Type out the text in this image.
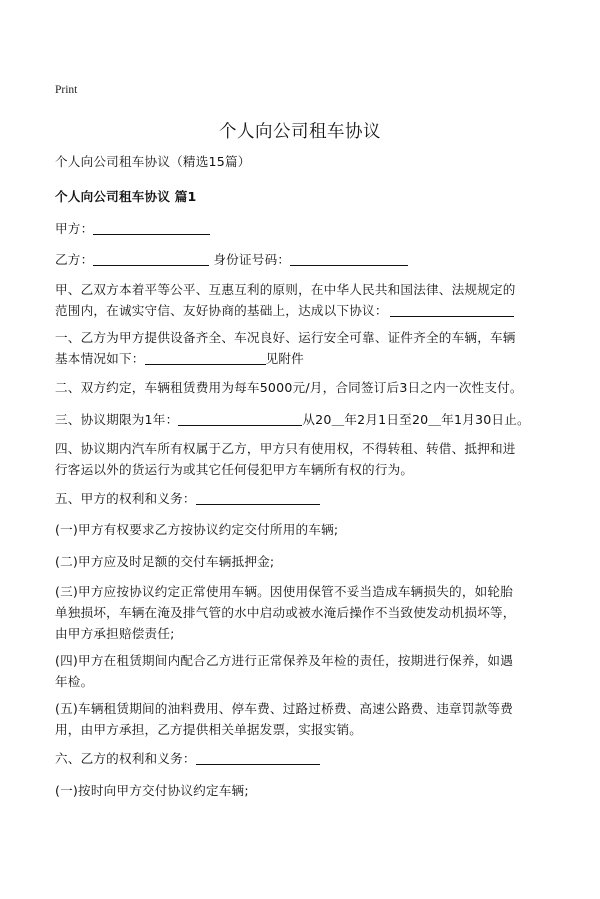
Print
个人向公司租车协议
个人向公司租车协议（精选15篇）
个人向公司租车协议 篇1
甲方：
乙方：	身份证号码：
甲、乙双方本着平等公平、互惠互利的原则，在中华人民共和国法律、法规规定的
范围内，在诚实守信、友好协商的基础上，达成以下协议：
一、乙方为甲方提供设备齐全、车况良好、运行安全可靠、证件齐全的车辆，车辆
基本情况如下：	见附件
二、双方约定，车辆租赁费用为每车5000元/月，合同签订后3日之内一次性支付。
三、协议期限为1年：	从20＿年2月1日至20＿年1月30日止。
四、协议期内汽车所有权属于乙方，甲方只有使用权，不得转租、转借、抵押和进
行客运以外的货运行为或其它任何侵犯甲方车辆所有权的行为。
五、甲方的权利和义务：
(一)甲方有权要求乙方按协议约定交付所用的车辆;
(二)甲方应及时足额的交付车辆抵押金;
(三)甲方应按协议约定正常使用车辆。因使用保管不妥当造成车辆损失的，如轮胎
单独损坏，车辆在淹及排气管的水中启动或被水淹后操作不当致使发动机损坏等，
由甲方承担赔偿责任;
(四)甲方在租赁期间内配合乙方进行正常保养及年检的责任，按期进行保养，如遇
年检。
(五)车辆租赁期间的油料费用、停车费、过路过桥费、高速公路费、违章罚款等费
用，由甲方承担，乙方提供相关单据发票，实报实销。
六、乙方的权利和义务：
(一)按时向甲方交付协议约定车辆;
